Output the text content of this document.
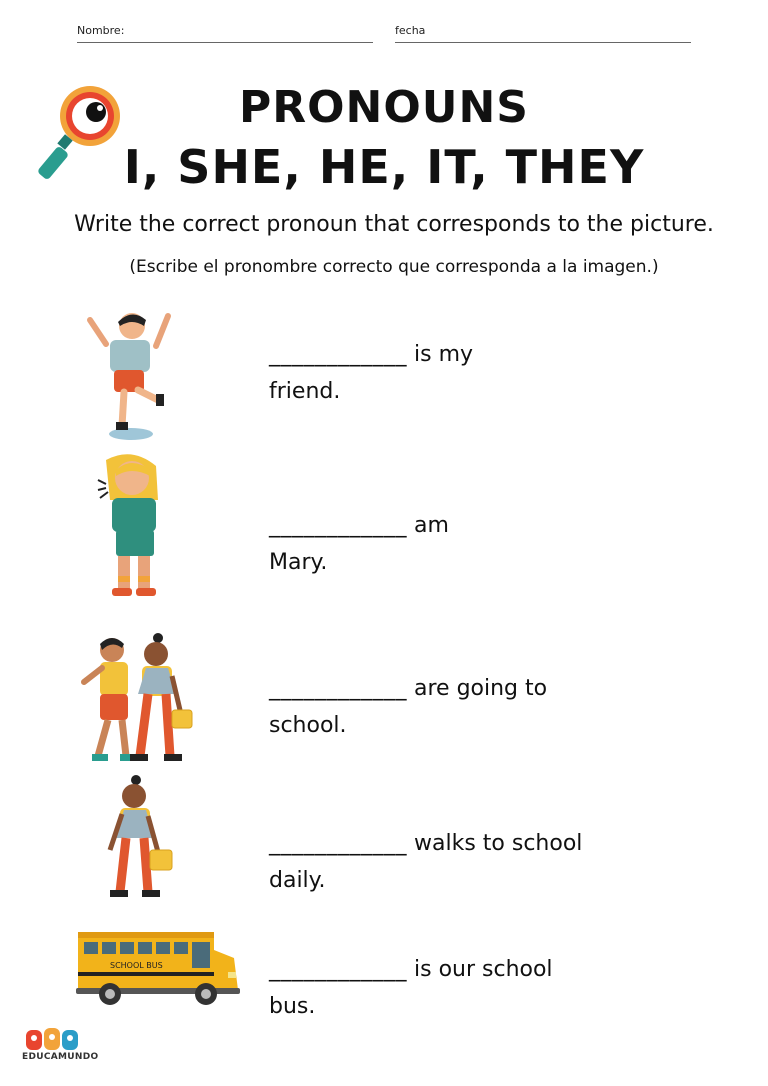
Nombre:	fecha
PRONOUNS
I, SHE, HE, IT, THEY
Write the correct pronoun that corresponds to the picture.
(Escribe el pronombre correcto que corresponda a la imagen.)
____________ is my
friend.
____________ am
Mary.
____________ are going to
school.
____________ walks to school
daily.
SCHOOL BUS	____________ is our school
bus.
EDUCAMUNDO
